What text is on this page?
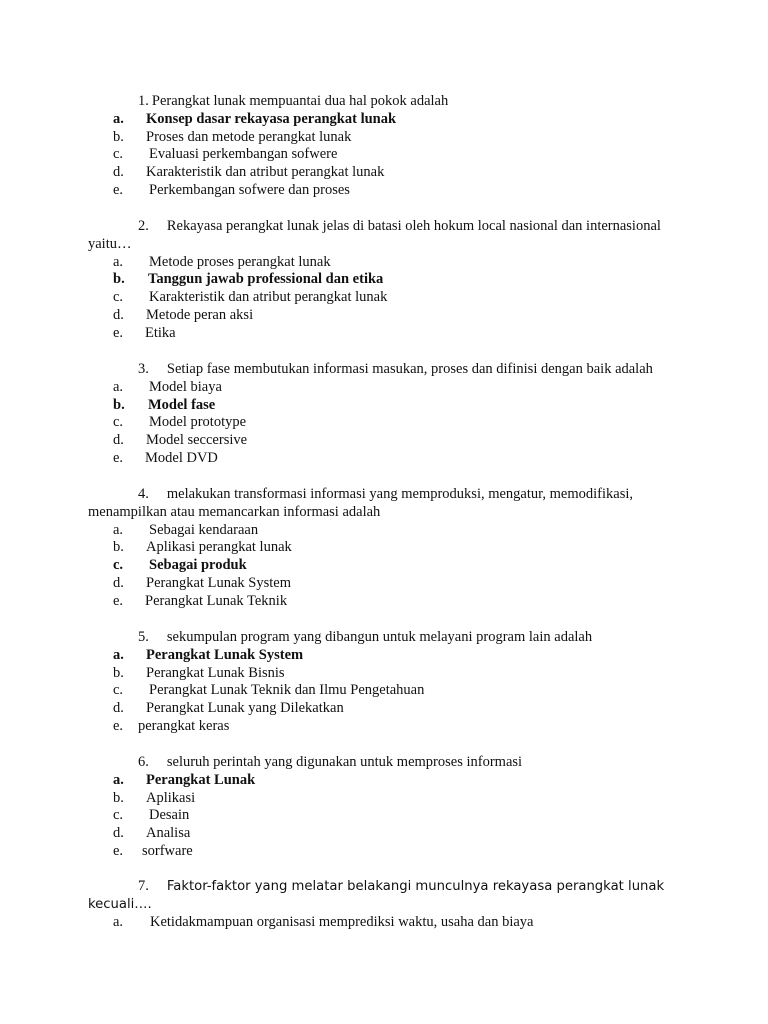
1. Perangkat lunak mempuantai dua hal pokok adalah
a. Konsep dasar rekayasa perangkat lunak
b. Proses dan metode perangkat lunak
c. Evaluasi perkembangan sofwere
d. Karakteristik dan atribut perangkat lunak
e. Perkembangan sofwere dan proses
2. Rekayasa perangkat lunak jelas di batasi oleh hokum local nasional dan internasional yaitu…
a. Metode proses perangkat lunak
b. Tanggun jawab professional dan etika
c. Karakteristik dan atribut perangkat lunak
d. Metode peran aksi
e. Etika
3. Setiap fase membutukan informasi masukan, proses dan difinisi dengan baik adalah
a. Model biaya
b. Model fase
c. Model prototype
d. Model seccersive
e. Model DVD
4. melakukan transformasi informasi yang memproduksi, mengatur, memodifikasi, menampilkan atau memancarkan informasi adalah
a. Sebagai kendaraan
b. Aplikasi perangkat lunak
c. Sebagai produk
d. Perangkat Lunak System
e. Perangkat Lunak Teknik
5. sekumpulan program yang dibangun untuk melayani program lain adalah
a. Perangkat Lunak System
b. Perangkat Lunak Bisnis
c. Perangkat Lunak Teknik dan Ilmu Pengetahuan
d. Perangkat Lunak yang Dilekatkan
e. perangkat keras
6. seluruh perintah yang digunakan untuk memproses informasi
a. Perangkat Lunak
b. Aplikasi
c. Desain
d. Analisa
e. sorfware
7. Faktor-faktor yang melatar belakangi munculnya rekayasa perangkat lunak kecuali….
a. Ketidakmampuan organisasi memprediksi waktu, usaha dan biaya
